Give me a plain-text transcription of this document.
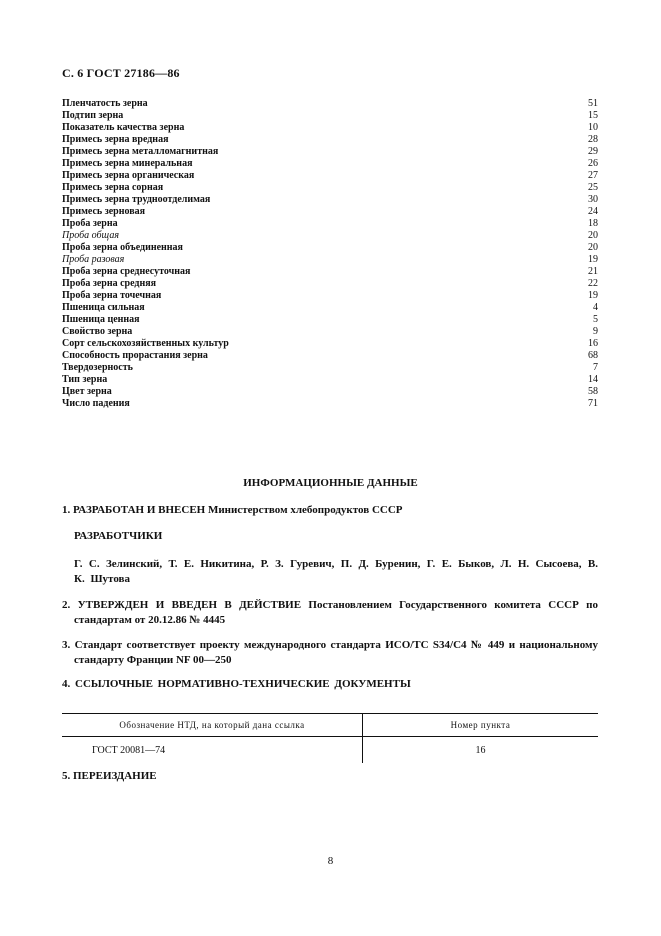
С. 6 ГОСТ 27186—86
Пленчатость зерна	51
Подтип зерна	15
Показатель качества зерна	10
Примесь зерна вредная	28
Примесь зерна металломагнитная	29
Примесь зерна минеральная	26
Примесь зерна органическая	27
Примесь зерна сорная	25
Примесь зерна трудноотделимая	30
Примесь зерновая	24
Проба зерна	18
Проба общая	20
Проба зерна объединенная	20
Проба разовая	19
Проба зерна среднесуточная	21
Проба зерна средняя	22
Проба зерна точечная	19
Пшеница сильная	4
Пшеница ценная	5
Свойство зерна	9
Сорт сельскохозяйственных культур	16
Способность прорастания зерна	68
Твердозерность	7
Тип зерна	14
Цвет зерна	58
Число падения	71
ИНФОРМАЦИОННЫЕ ДАННЫЕ
1. РАЗРАБОТАН И ВНЕСЕН Министерством хлебопродуктов СССР
РАЗРАБОТЧИКИ
Г. С. Зелинский, Т. Е. Никитина, Р. З. Гуревич, П. Д. Буренин, Г. Е. Быков, Л. Н. Сысоева, В. К. Шутова
2. УТВЕРЖДЕН И ВВЕДЕН В ДЕЙСТВИЕ Постановлением Государственного комитета СССР по стандартам от 20.12.86 № 4445
3. Стандарт соответствует проекту международного стандарта ИСО/ТС S34/С4 № 449 и национальному стандарту Франции NF 00—250
4. ССЫЛОЧНЫЕ НОРМАТИВНО-ТЕХНИЧЕСКИЕ ДОКУМЕНТЫ
Обозначение НТД, на который дана ссылка	Номер пункта
ГОСТ 20081—74	16
5. ПЕРЕИЗДАНИЕ
8
